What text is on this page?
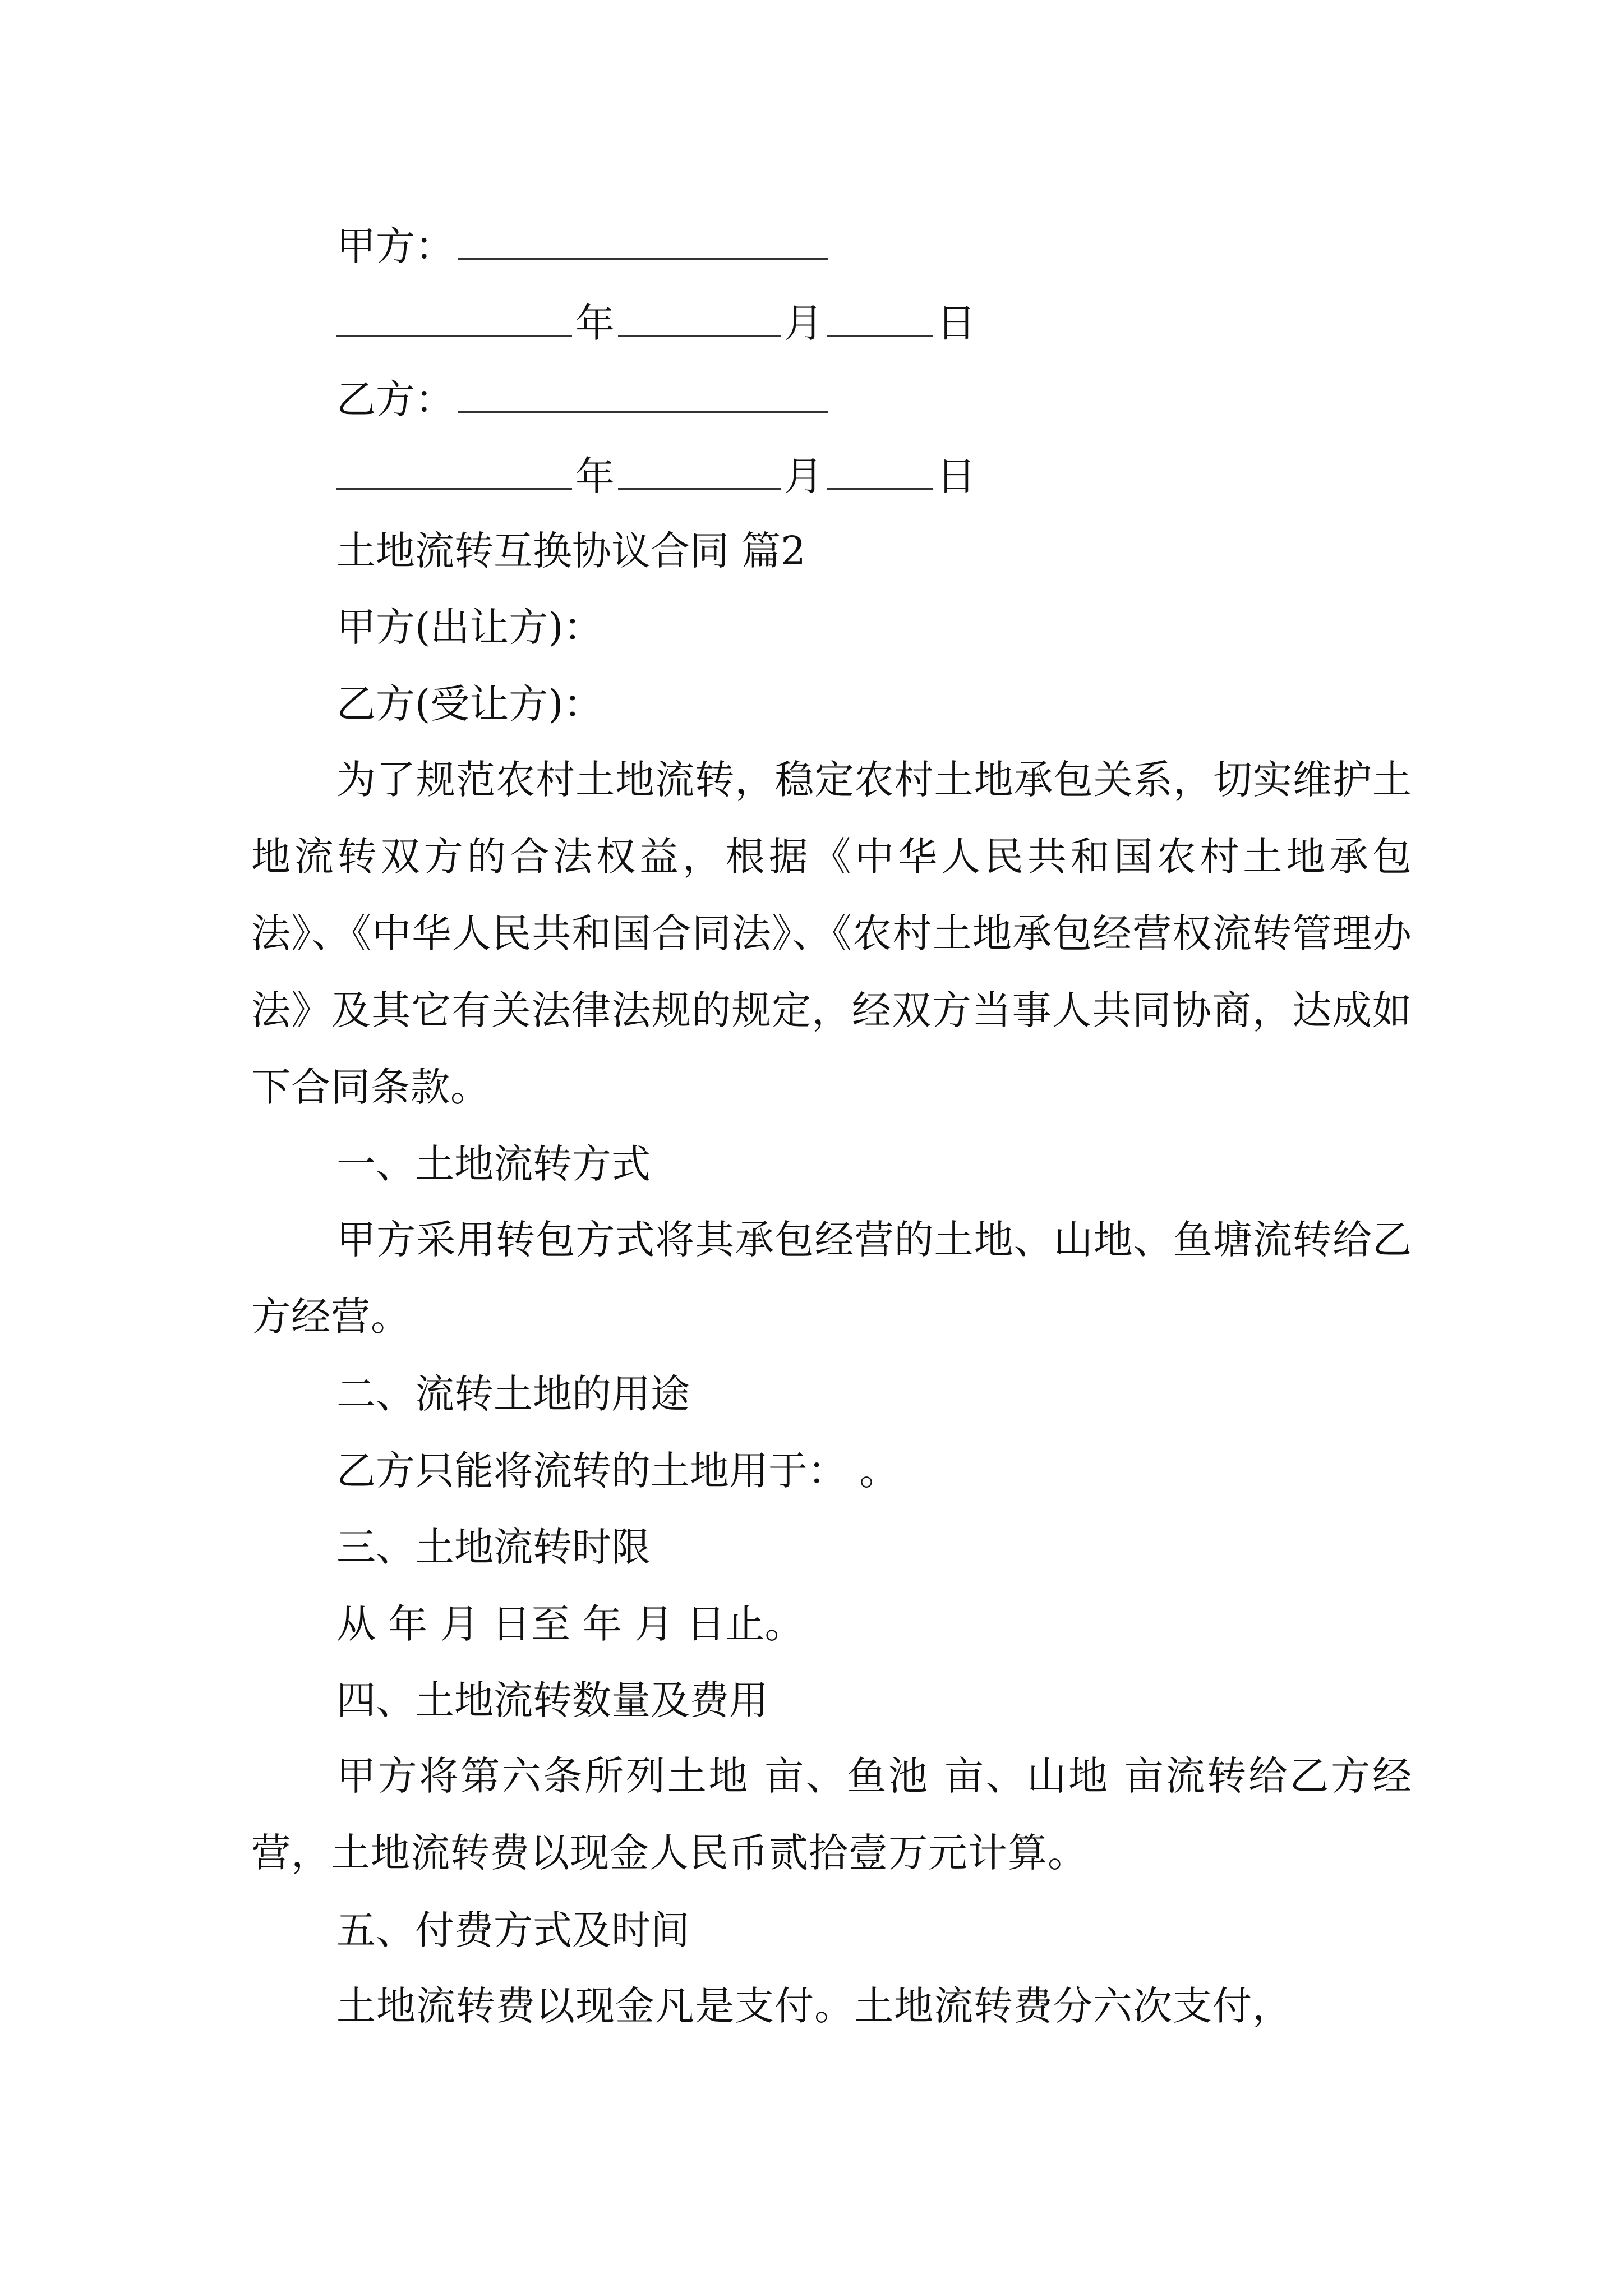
甲方：
年	月	日
乙方：
年	月	日
土地流转互换协议合同 篇2
甲方(出让方)：
乙方(受让方)：
为了规范农村土地流转，稳定农村土地承包关系，切实维护土地流转双方的合法权益，根据《中华人民共和国农村土地承包法》、《中华人民共和国合同法》、《农村土地承包经营权流转管理办法》及其它有关法律法规的规定，经双方当事人共同协商，达成如下合同条款。
一、土地流转方式
甲方采用转包方式将其承包经营的土地、山地、鱼塘流转给乙方经营。
二、流转土地的用途
乙方只能将流转的土地用于： 。
三、土地流转时限
从 年 月 日至 年 月 日止。
四、土地流转数量及费用
甲方将第六条所列土地 亩、鱼池 亩、山地 亩流转给乙方经营，土地流转费以现金人民币贰拾壹万元计算。
五、付费方式及时间
土地流转费以现金凡是支付。土地流转费分六次支付，
